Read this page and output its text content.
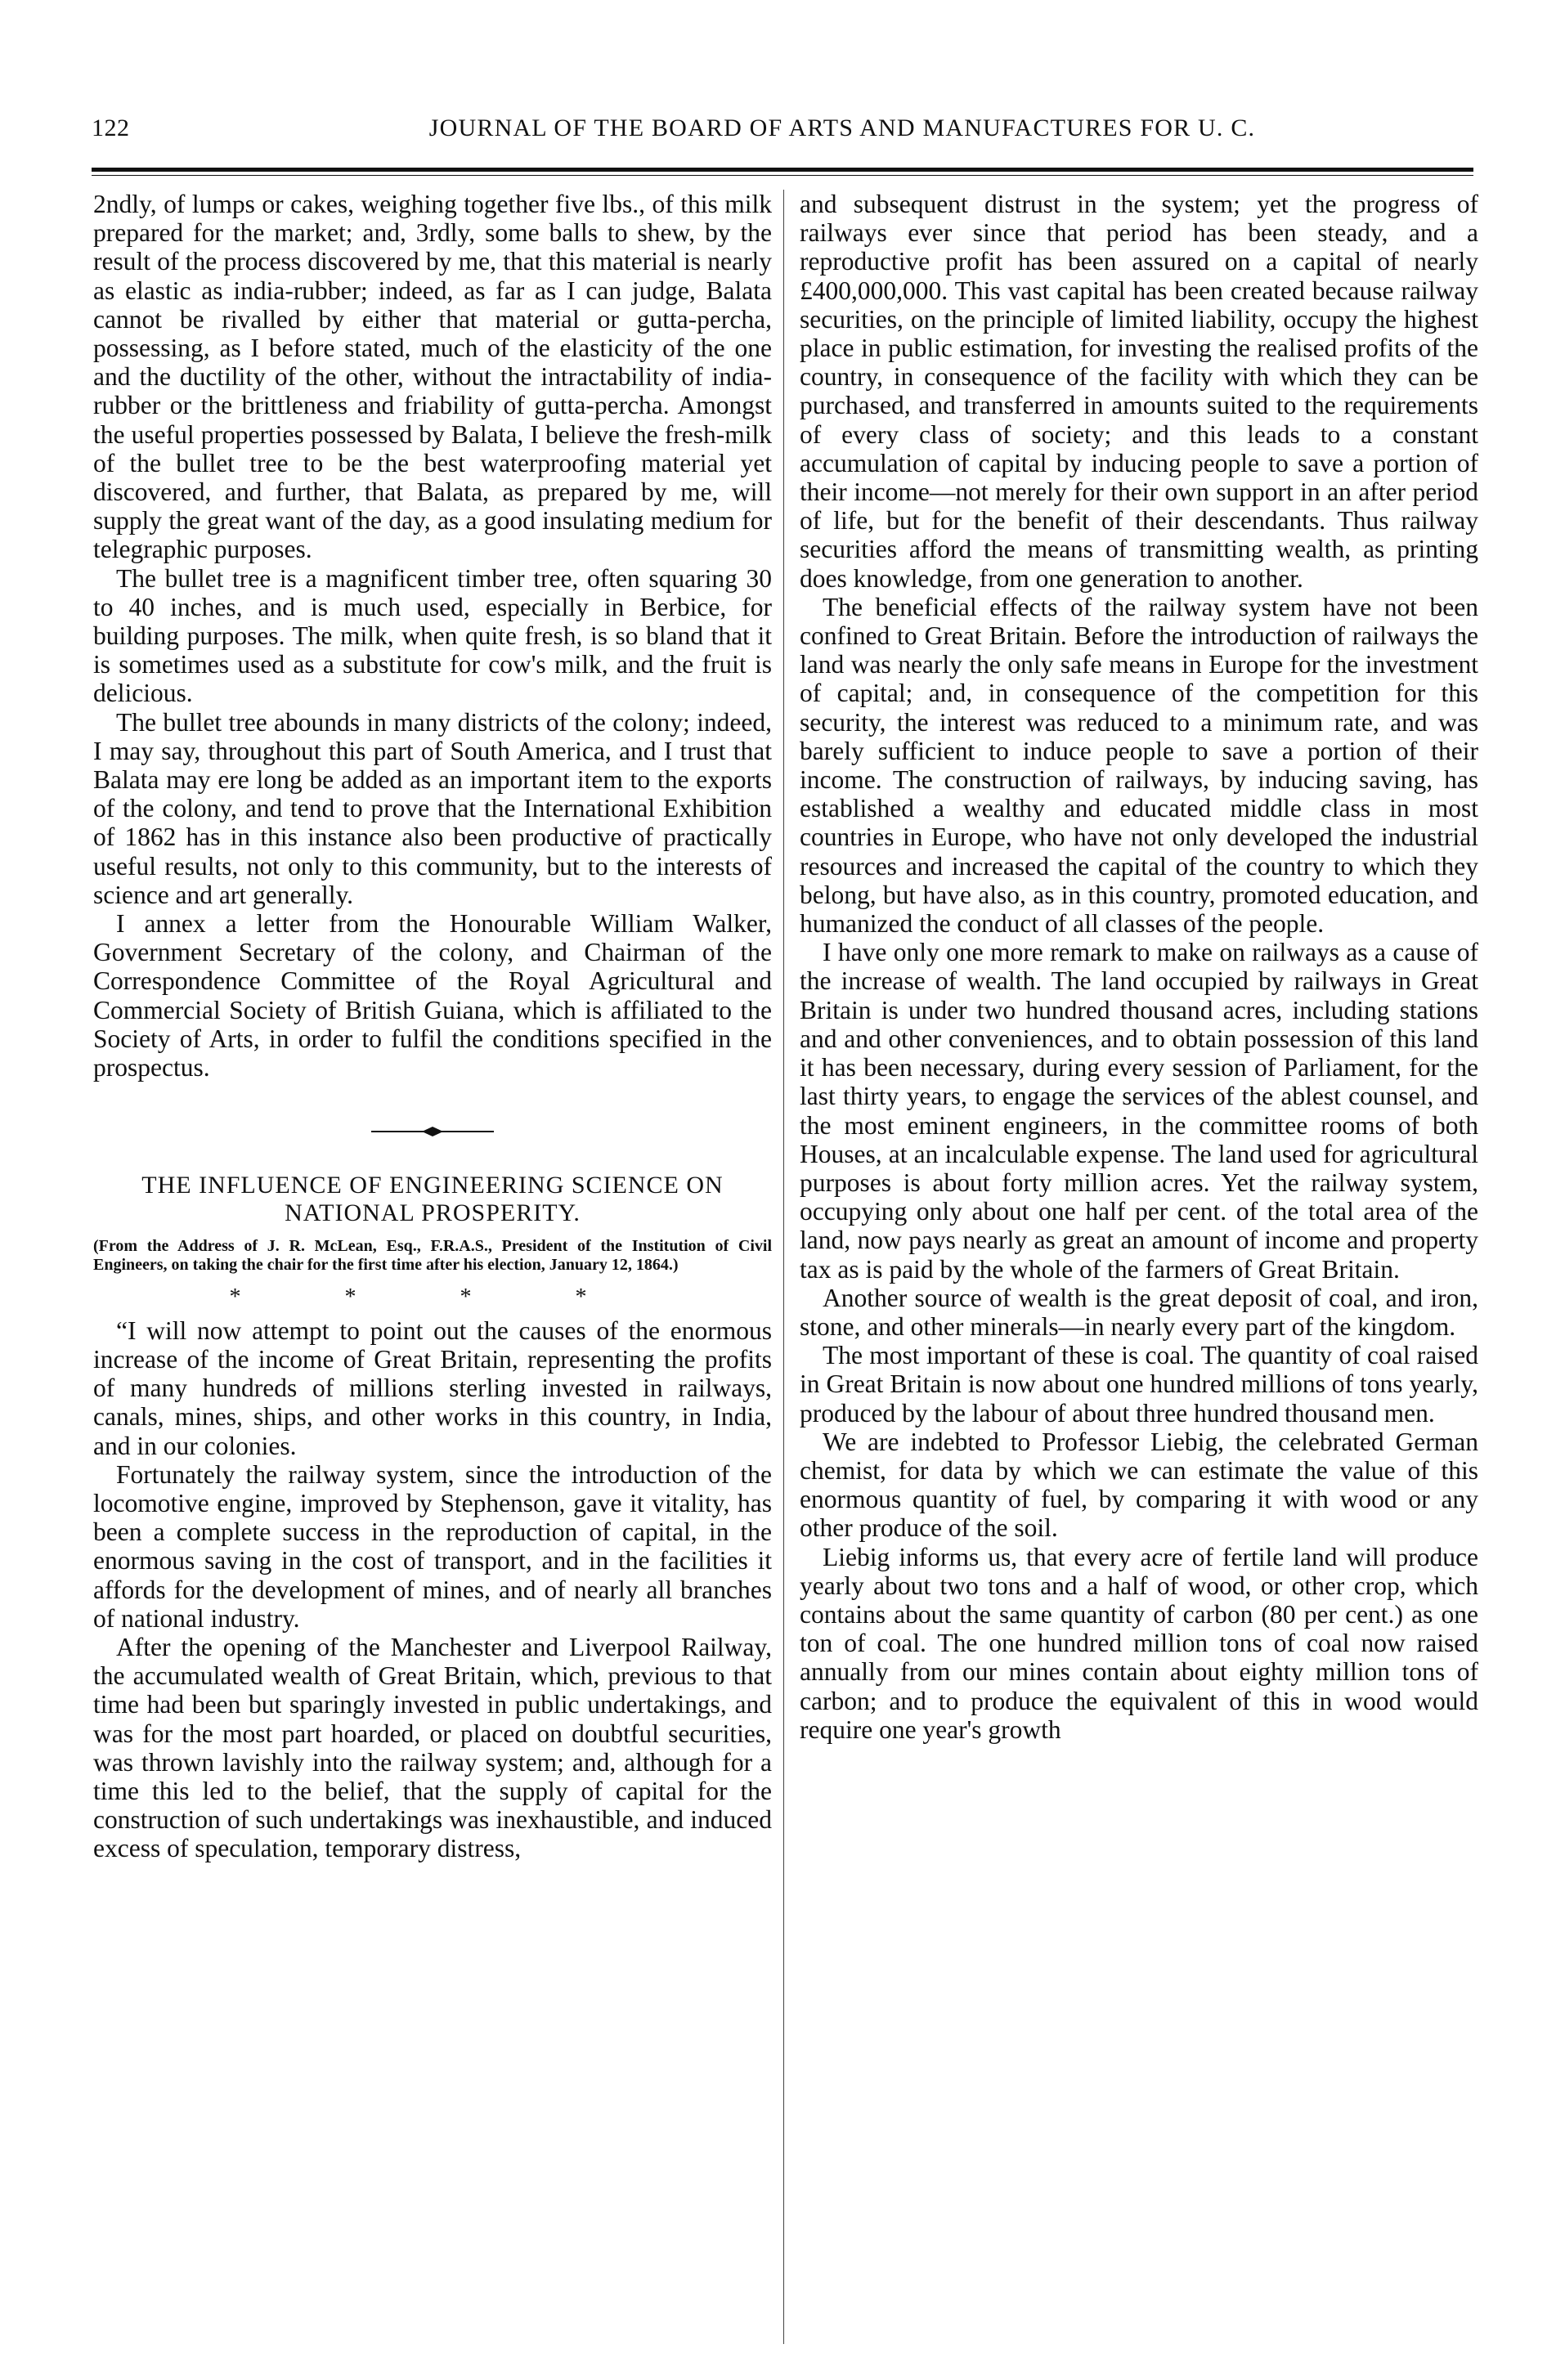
122	JOURNAL OF THE BOARD OF ARTS AND MANUFACTURES FOR U. C.

2ndly, of lumps or cakes, weighing together five lbs., of this milk prepared for the market; and, 3rdly, some balls to shew, by the result of the process discovered by me, that this material is nearly as elastic as india-rubber; indeed, as far as I can judge, Balata cannot be rivalled by either that material or gutta-percha, possessing, as I before stated, much of the elasticity of the one and the ductility of the other, without the intractability of india-rubber or the brittleness and friability of gutta-percha. Amongst the useful properties possessed by Balata, I believe the fresh-milk of the bullet tree to be the best waterproofing material yet discovered, and further, that Balata, as prepared by me, will supply the great want of the day, as a good insulating medium for telegraphic purposes.

The bullet tree is a magnificent timber tree, often squaring 30 to 40 inches, and is much used, especially in Berbice, for building purposes. The milk, when quite fresh, is so bland that it is sometimes used as a substitute for cow's milk, and the fruit is delicious.

The bullet tree abounds in many districts of the colony; indeed, I may say, throughout this part of South America, and I trust that Balata may ere long be added as an important item to the exports of the colony, and tend to prove that the International Exhibition of 1862 has in this instance also been productive of practically useful results, not only to this community, but to the interests of science and art generally.

I annex a letter from the Honourable William Walker, Government Secretary of the colony, and Chairman of the Correspondence Committee of the Royal Agricultural and Commercial Society of British Guiana, which is affiliated to the Society of Arts, in order to fulfil the conditions specified in the prospectus.

THE INFLUENCE OF ENGINEERING SCIENCE ON NATIONAL PROSPERITY.
(From the Address of J. R. McLean, Esq., F.R.A.S., President of the Institution of Civil Engineers, on taking the chair for the first time after his election, January 12, 1864.)
* * * *

“I will now attempt to point out the causes of the enormous increase of the income of Great Britain, representing the profits of many hundreds of millions sterling invested in railways, canals, mines, ships, and other works in this country, in India, and in our colonies.

Fortunately the railway system, since the introduction of the locomotive engine, improved by Stephenson, gave it vitality, has been a complete success in the reproduction of capital, in the enormous saving in the cost of transport, and in the facilities it affords for the development of mines, and of nearly all branches of national industry.

After the opening of the Manchester and Liverpool Railway, the accumulated wealth of Great Britain, which, previous to that time had been but sparingly invested in public undertakings, and was for the most part hoarded, or placed on doubtful securities, was thrown lavishly into the railway system; and, although for a time this led to the belief, that the supply of capital for the construction of such undertakings was inexhaustible, and induced excess of speculation, temporary distress,

and subsequent distrust in the system; yet the progress of railways ever since that period has been steady, and a reproductive profit has been assured on a capital of nearly £400,000,000. This vast capital has been created because railway securities, on the principle of limited liability, occupy the highest place in public estimation, for investing the realised profits of the country, in consequence of the facility with which they can be purchased, and transferred in amounts suited to the requirements of every class of society; and this leads to a constant accumulation of capital by inducing people to save a portion of their income—not merely for their own support in an after period of life, but for the benefit of their descendants. Thus railway securities afford the means of transmitting wealth, as printing does knowledge, from one generation to another.

The beneficial effects of the railway system have not been confined to Great Britain. Before the introduction of railways the land was nearly the only safe means in Europe for the investment of capital; and, in consequence of the competition for this security, the interest was reduced to a minimum rate, and was barely sufficient to induce people to save a portion of their income. The construction of railways, by inducing saving, has established a wealthy and educated middle class in most countries in Europe, who have not only developed the industrial resources and increased the capital of the country to which they belong, but have also, as in this country, promoted education, and humanized the conduct of all classes of the people.

I have only one more remark to make on railways as a cause of the increase of wealth. The land occupied by railways in Great Britain is under two hundred thousand acres, including stations and and other conveniences, and to obtain possession of this land it has been necessary, during every session of Parliament, for the last thirty years, to engage the services of the ablest counsel, and the most eminent engineers, in the committee rooms of both Houses, at an incalculable expense. The land used for agricultural purposes is about forty million acres. Yet the railway system, occupying only about one half per cent. of the total area of the land, now pays nearly as great an amount of income and property tax as is paid by the whole of the farmers of Great Britain.

Another source of wealth is the great deposit of coal, and iron, stone, and other minerals—in nearly every part of the kingdom.

The most important of these is coal. The quantity of coal raised in Great Britain is now about one hundred millions of tons yearly, produced by the labour of about three hundred thousand men.

We are indebted to Professor Liebig, the celebrated German chemist, for data by which we can estimate the value of this enormous quantity of fuel, by comparing it with wood or any other produce of the soil.

Liebig informs us, that every acre of fertile land will produce yearly about two tons and a half of wood, or other crop, which contains about the same quantity of carbon (80 per cent.) as one ton of coal. The one hundred million tons of coal now raised annually from our mines contain about eighty million tons of carbon; and to produce the equivalent of this in wood would require one year's growth
